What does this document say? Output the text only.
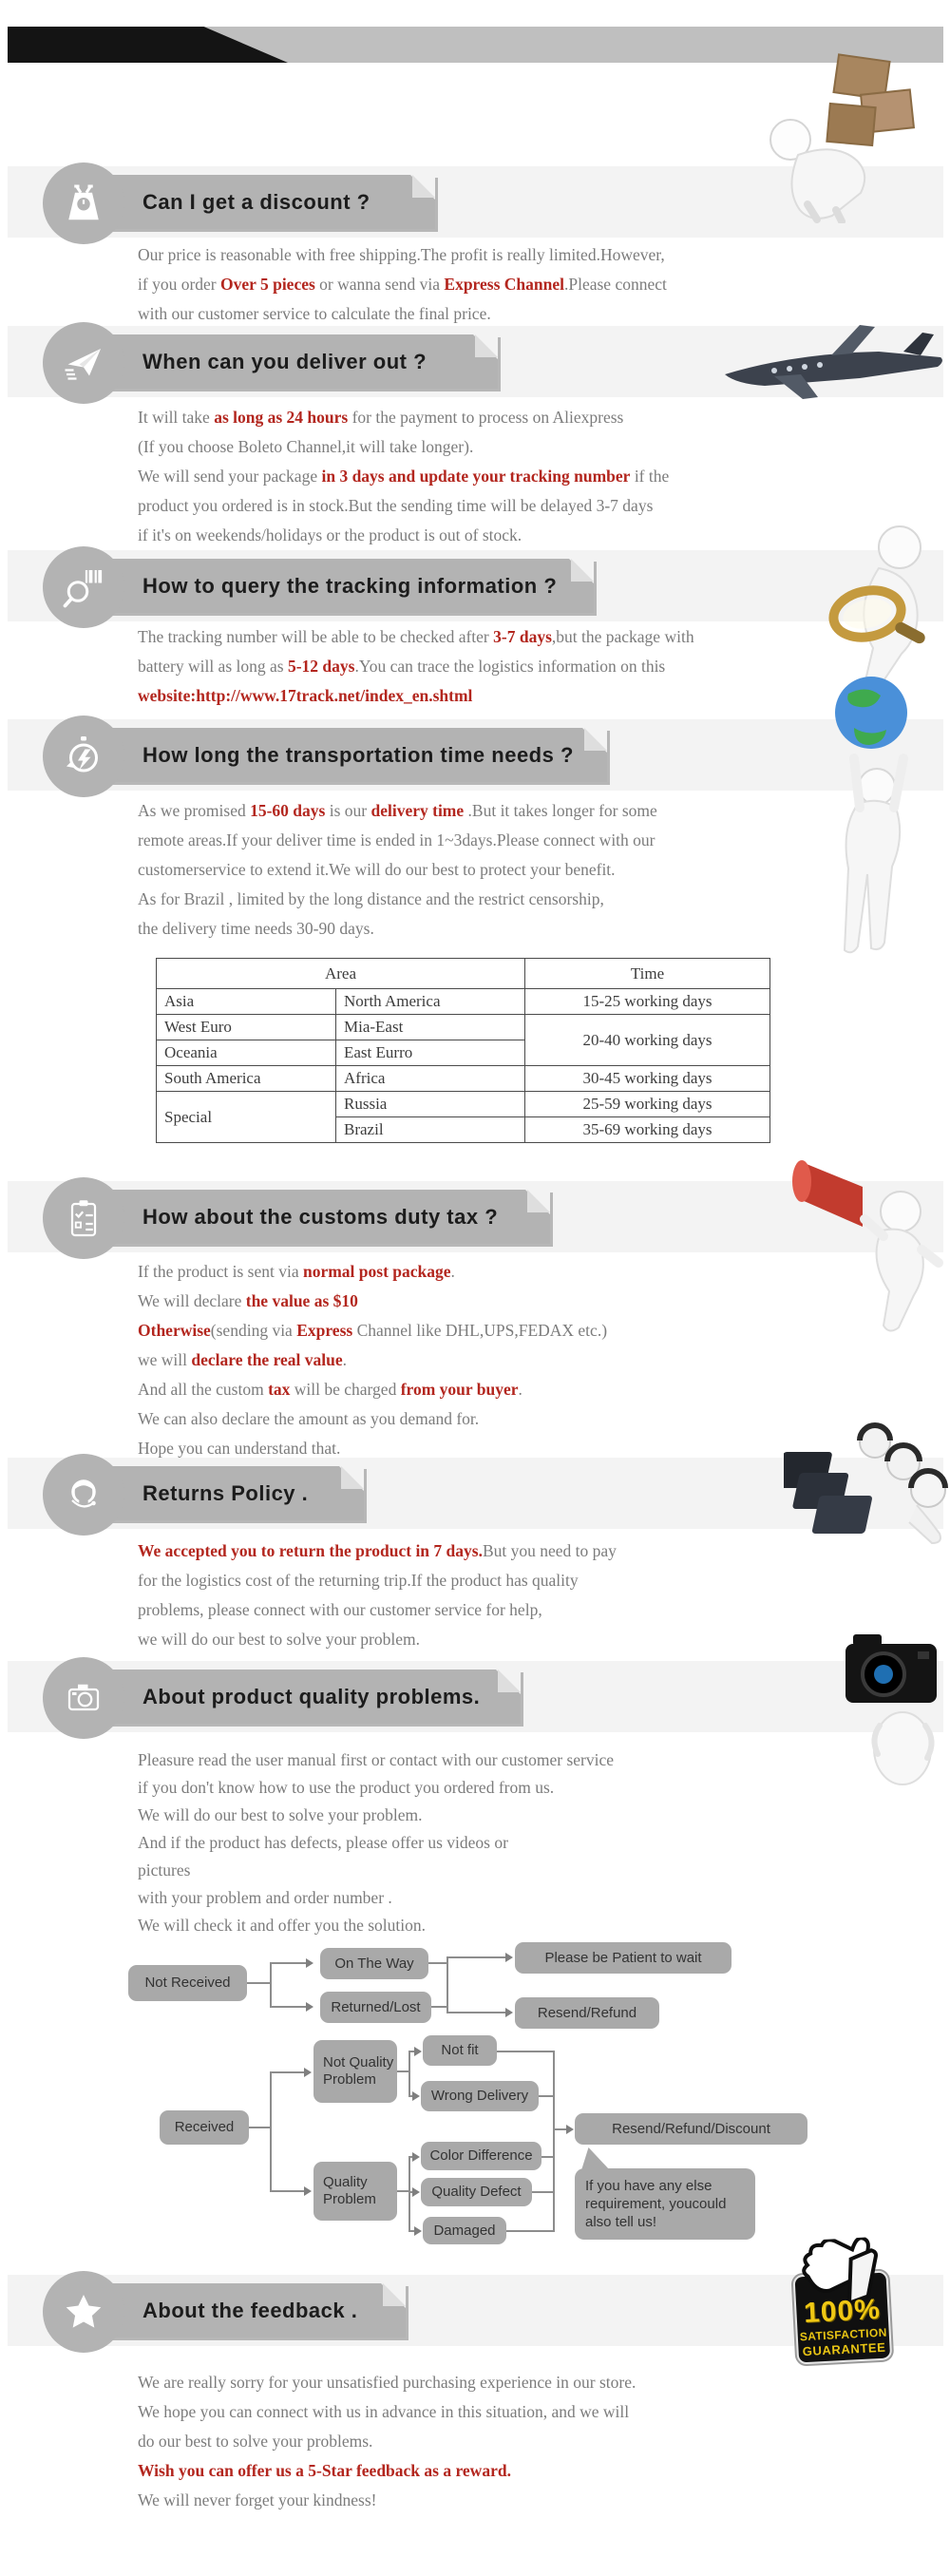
BUYER TIPS
Can I get a discount ?
Our price is reasonable with free shipping.The profit is really limited.However,
if you order Over 5 pieces or wanna send via Express Channel.Please connect
with our customer service to calculate the final price.
When can you deliver out ?
It will take as long as 24 hours for the payment to process on Aliexpress
(If you choose Boleto Channel,it will take longer).
We will send your package in 3 days and update your tracking number if the
product you ordered is in stock.But the sending time will be delayed 3-7 days
if it's on weekends/holidays or the product is out of stock.
How to query the tracking information ?
The tracking number will be able to be checked after 3-7 days,but the package with
battery will as long as 5-12 days.You can trace the logistics information on this
website:http://www.17track.net/index_en.shtml
How long the transportation time needs ?
As we promised 15-60 days is our delivery time .But it takes longer for some
remote areas.If your deliver time is ended in 1~3days.Please connect with our
customerservice to extend it.We will do our best to protect your benefit.
As for Brazil , limited by the long distance and the restrict censorship,
the delivery time needs 30-90 days.
Area		Time
Asia	North America	15-25 working days
West Euro	Mia-East	20-40 working days
Oceania	East Eurro	
South America	Africa	30-45 working days
Special	Russia	25-59 working days
	Brazil	35-69 working days
How about the customs duty tax ?
If the product is sent via normal post package.
We will declare the value as $10
Otherwise(sending via Express Channel like DHL,UPS,FEDAX etc.)
we will declare the real value.
And all the custom tax will be charged from your buyer.
We can also declare the amount as you demand for.
Hope you can understand that.
Returns Policy .
We accepted you to return the product in 7 days.But you need to pay
for the logistics cost of the returning trip.If the product has quality
problems, please connect with our customer service for help,
we will do our best to solve your problem.
About product quality problems.
Pleasure read the user manual first or contact with our customer service
if you don't know how to use the product you ordered from us.
We will do our best to solve your problem.
And if the product has defects, please offer us videos or
pictures
with your problem and order number .
We will check it and offer you the solution.
Not Received
On The Way
Returned/Lost
Please be Patient to wait
Resend/Refund
Not Quality Problem
Not fit
Wrong Delivery
Received
Color Difference
Quality Problem	Quality Defect
Damaged
Resend/Refund/Discount
If you have any else requirement, youcould also tell us!
About the feedback .
We are really sorry for your unsatisfied purchasing experience in our store.
We hope you can connect with us in advance in this situation, and we will
do our best to solve your problems.
Wish you can offer us a 5-Star feedback as a reward.
We will never forget your kindness!
100%
SATISFACTION
GUARANTEE
